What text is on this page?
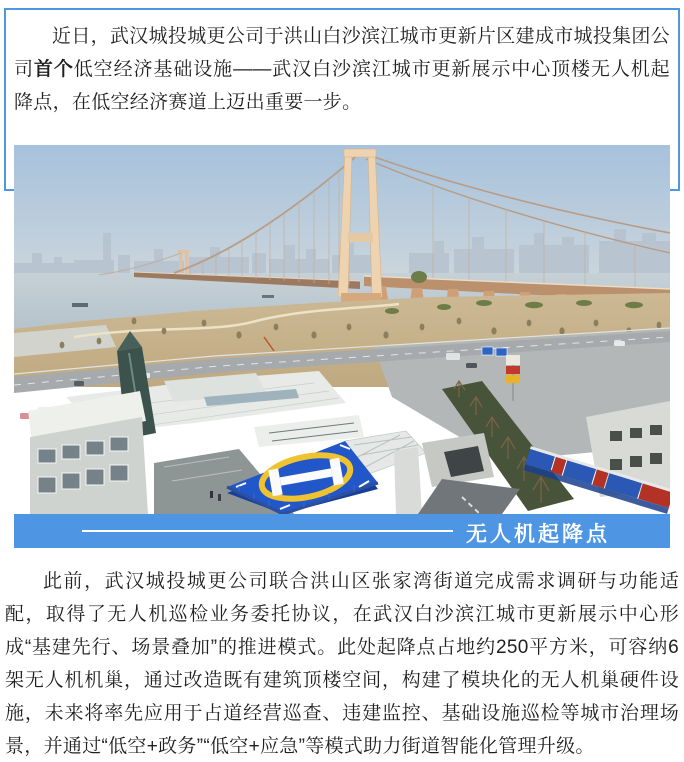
近日，武汉城投城更公司于洪山白沙滨江城市更新片区建成市城投集团公司首个低空经济基础设施——武汉白沙滨江城市更新展示中心顶楼无人机起降点，在低空经济赛道上迈出重要一步。

无人机起降点

此前，武汉城投城更公司联合洪山区张家湾街道完成需求调研与功能适配，取得了无人机巡检业务委托协议，在武汉白沙滨江城市更新展示中心形成“基建先行、场景叠加”的推进模式。此处起降点占地约250平方米，可容纳6架无人机机巢，通过改造既有建筑顶楼空间，构建了模块化的无人机巢硬件设施，未来将率先应用于占道经营巡查、违建监控、基础设施巡检等城市治理场景，并通过“低空+政务”“低空+应急”等模式助力街道智能化管理升级。
